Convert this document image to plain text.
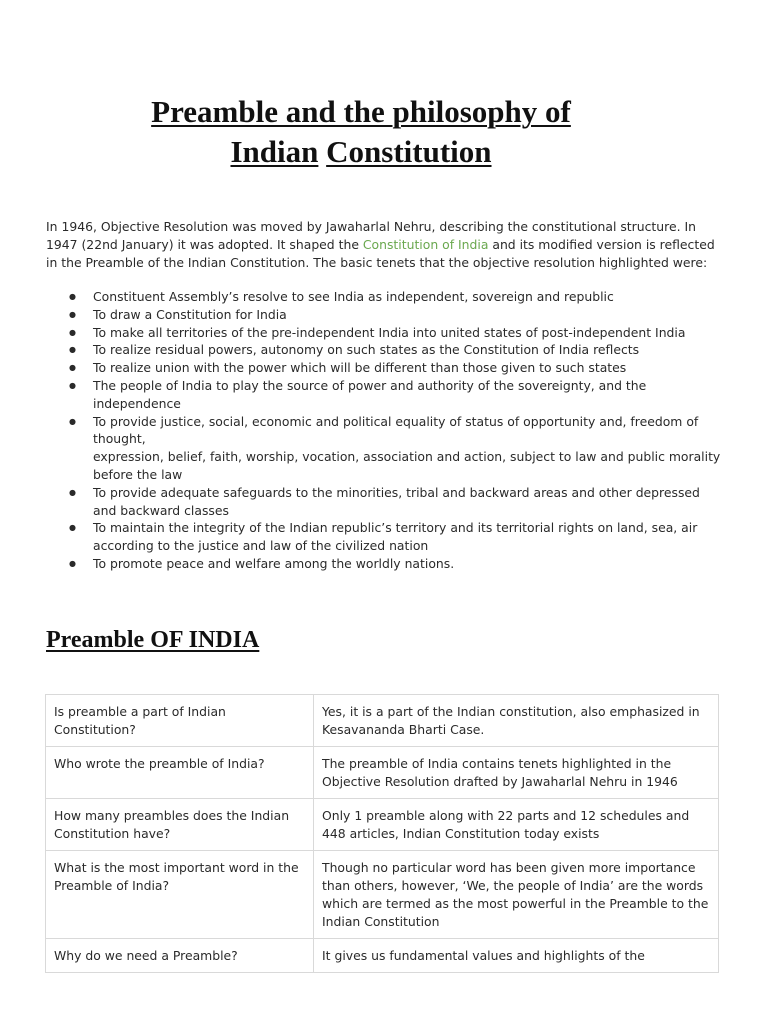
Preamble and the philosophy of
Indian Constitution

In 1946, Objective Resolution was moved by Jawaharlal Nehru, describing the constitutional structure. In 1947 (22nd January) it was adopted. It shaped the Constitution of India and its modified version is reflected in the Preamble of the Indian Constitution. The basic tenets that the objective resolution highlighted were:

● Constituent Assembly’s resolve to see India as independent, sovereign and republic
● To draw a Constitution for India
● To make all territories of the pre-independent India into united states of post-independent India
● To realize residual powers, autonomy on such states as the Constitution of India reflects
● To realize union with the power which will be different than those given to such states
● The people of India to play the source of power and authority of the sovereignty, and the independence
● To provide justice, social, economic and political equality of status of opportunity and, freedom of thought,
expression, belief, faith, worship, vocation, association and action, subject to law and public morality before the law
● To provide adequate safeguards to the minorities, tribal and backward areas and other depressed and backward classes
● To maintain the integrity of the Indian republic’s territory and its territorial rights on land, sea, air according to the justice and law of the civilized nation
● To promote peace and welfare among the worldly nations.
Preamble OF INDIA
Is preamble a part of Indian Constitution?	Yes, it is a part of the Indian constitution, also emphasized in Kesavananda Bharti Case.
Who wrote the preamble of India?	The preamble of India contains tenets highlighted in the Objective Resolution drafted by Jawaharlal Nehru in 1946
How many preambles does the Indian Constitution have?	Only 1 preamble along with 22 parts and 12 schedules and 448 articles, Indian Constitution today exists
What is the most important word in the Preamble of India?	Though no particular word has been given more importance than others, however, ‘We, the people of India’ are the words which are termed as the most powerful in the Preamble to the Indian Constitution
Why do we need a Preamble?	It gives us fundamental values and highlights of the
